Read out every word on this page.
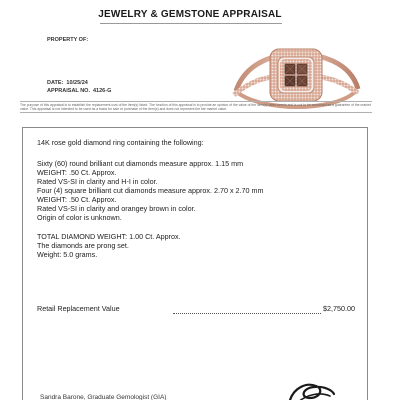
JEWELRY & GEMSTONE APPRAISAL
PROPERTY OF:
DATE: 10/25/24
APPRAISAL NO. 4126-G
The purpose of this appraisal is to establish the replacement cost of the item(s) listed. The function of this appraisal is to provide an opinion of the value of the item(s) listed herein and is not to be construed as a guarantee of the market value. This appraisal is not intended to be used as a basis for sale or purchase of the item(s) and does not represent the fair market value.
14K rose gold diamond ring containing the following:
Sixty (60) round brilliant cut diamonds measure approx. 1.15 mm
WEIGHT: .50 Ct. Approx.
Rated VS-SI in clarity and H-I in color.
Four (4) square brilliant cut diamonds measure approx. 2.70 x 2.70 mm
WEIGHT: .50 Ct. Approx.
Rated VS-SI in clarity and orangey brown in color.
Origin of color is unknown.
TOTAL DIAMOND WEIGHT: 1.00 Ct. Approx.
The diamonds are prong set.
Weight: 5.0 grams.
Retail Replacement Value	$2,750.00
Sandra Barone, Graduate Gemologist (GIA)
